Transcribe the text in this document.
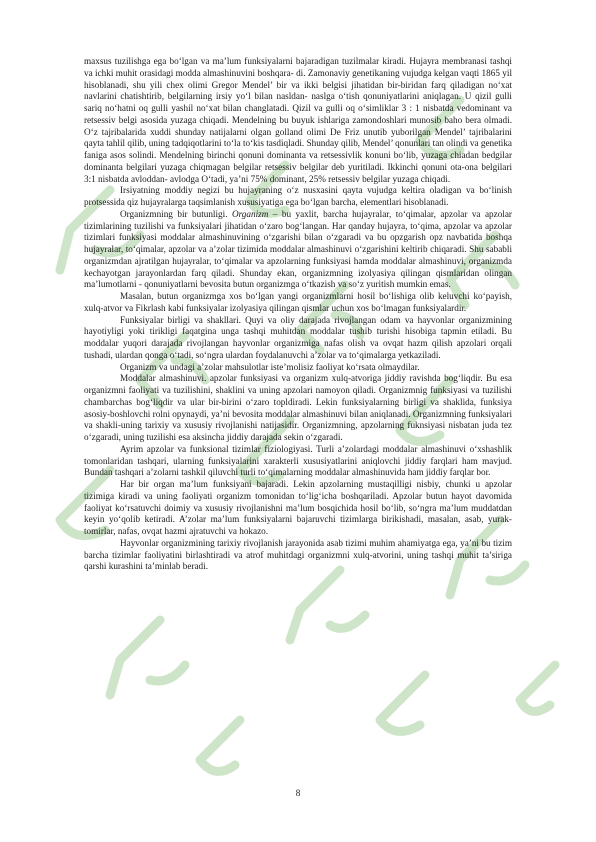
maxsus tuzilishga ega bo‘lgan va ma’lum funksiyalarni bajaradigan tuzilmalar kiradi. Hujayra membranasi tashqi va ichki muhit orasidagi modda almashinuvini boshqara- di. Zamonaviy genetikaning vujudga kelgan vaqti 1865 yil hisoblanadi, shu yili chex olimi Gregor Mendel’ bir va ikki belgisi jihatidan bir-biridan farq qiladigan no‘xat navlarini chatishtirib, belgilarning irsiy yo‘l bilan nasldan- naslga o‘tish qonuniyatlarini aniqlagan. U qizil gulli sariq no‘hatni oq gulli yashil no‘xat bilan changlatadi. Qizil va gulli oq o‘simliklar 3 : 1 nisbatda vedominant va retsessiv belgi asosida yuzaga chiqadi. Mendelning bu buyuk ishlariga zamondoshlari munosib baho bera olmadi. O‘z tajribalarida xuddi shunday natijalarni olgan golland olimi De Friz unutib yuborilgan Mendel’ tajribalarini qayta tahlil qilib, uning tadqiqotlarini to‘la to‘kis tasdiqladi. Shunday qilib, Mendel’ qonunlari tan olindi va genetika faniga asos solindi. Mendelning birinchi qonuni dominanta va retsessivlik konuni bo‘lib, yuzaga chiadan bedgilar dominanta belgilari yuzaga chiqmagan belgilar retsessiv belgilar deb yuritiladi. Ikkinchi qonuni ota-ona belgilari 3:1 nisbatda avloddan- avlodga O‘tadi, ya’ni 75% dominant, 25% retsessiv belgilar yuzaga chiqadi.

Irsiyatning moddiy negizi bu hujayraning o‘z nusxasini qayta vujudga keltira oladigan va bo‘linish protsessida qiz hujayralarga taqsimlanish xususiyatiga ega bo‘lgan barcha, elementlari hisoblanadi.

Organizmning bir butunligi. Organizm – bu yaxlit, barcha hujayralar, to‘qimalar, apzolar va apzolar tizimlarining tuzilishi va funksiyalari jihatidan o‘zaro bog‘langan. Har qanday hujayra, to‘qima, apzolar va apzolar tizimlari funksiyasi moddalar almashinuvining o‘zgarishi bilan o‘zgaradi va bu opzgarish opz navbatida boshqa hujayralar, to‘qimalar, apzolar va a’zolar tizimida moddalar almashinuvi o‘zgarishini keltirib chiqaradi. Shu sababli organizmdan ajratilgan hujayralar, to‘qimalar va apzolarning funksiyasi hamda moddalar almashinuvi, organizmda kechayotgan jarayonlardan farq qiladi. Shunday ekan, organizmning izolyasiya qilingan qismlaridan olingan ma’lumotlarni - qonuniyatlarni bevosita butun organizmga o‘tkazish va so‘z yuritish mumkin emas.

Masalan, butun organizmga xos bo‘lgan yangi organizmlarni hosil bo‘lishiga olib keluvchi ko‘payish, xulq-atvor va Fikrlash kabi funksiyalar izolyasiya qilingan qismlar uchun xos bo‘lmagan funksiyalardir.

Funksiyalar birligi va shakllari. Quyi va oliy darajada rivojlangan odam va hayvonlar organizmining hayotiyligi yoki tirikligi faqatgina unga tashqi muhitdan moddalar tushib turishi hisobiga tapmin etiladi. Bu moddalar yuqori darajada rivojlangan hayvonlar organizmiga nafas olish va ovqat hazm qilish apzolari orqali tushadi, ulardan qonga o‘tadi, so‘ngra ulardan foydalanuvchi a’zolar va to‘qimalarga yetkaziladi.

Organizm va undagi a’zolar mahsulotlar iste’molisiz faoliyat ko‘rsata olmaydilar.

Moddalar almashinuvi. apzolar funksiyasi va organizm xulq-atvoriga jiddiy ravishda bog‘liqdir. Bu esa organizmni faoliyati va tuzilishini, shaklini va uning apzolari namoyon qiladi. Organizmnig funksiyasi va tuzilishi chambarchas bog‘liqdir va ular bir-birini o‘zaro topldiradi. Lekin funksiyalarning birligi va shaklida, funksiya asosiy-boshlovchi rolni opynaydi, ya’ni bevosita moddalar almashinuvi bilan aniqlanadi. Organizmning funksiyalari va shakli-uning tarixiy va xususiy rivojlanishi natijasidir. Organizmning, apzolarning fuknsiyasi nisbatan juda tez o‘zgaradi, uning tuzilishi esa aksincha jiddiy darajada sekin o‘zgaradi.

Ayrim apzolar va funksional tizimlar fiziologiyasi. Turli a’zolardagi moddalar almashinuvi o‘xshashlik tomonlaridan tashqari, ularning funksiyalarini xarakterli xususiyatlarini aniqlovchi jiddiy farqlari ham mavjud. Bundan tashqari a’zolarni tashkil qiluvchi turli to‘qimalarning moddalar almashinuvida ham jiddiy farqlar bor.

Har bir organ ma’lum funksiyani bajaradi. Lekin apzolarning mustaqilligi nisbiy, chunki u apzolar tizimiga kiradi va uning faoliyati organizm tomonidan to‘lig‘icha boshqariladi. Apzolar butun hayot davomida faoliyat ko‘rsatuvchi doimiy va xususiy rivojlanishni ma’lum bosqichida hosil bo‘lib, so‘ngra ma’lum muddatdan keyin yo‘qolib ketiradi. A’zolar ma’lum funksiyalarni bajaruvchi tizimlarga birikishadi, masalan, asab, yurak-tomirlar, nafas, ovqat hazmi ajratuvchi va hokazo.

Hayvonlar organizmining tarixiy rivojlanish jarayonida asab tizimi muhim ahamiyatga ega, ya’ni bu tizim barcha tizimlar faoliyatini birlashtiradi va atrof muhitdagi organizmni xulq-atvorini, uning tashqi muhit ta’siriga qarshi kurashini ta’minlab beradi.

8
